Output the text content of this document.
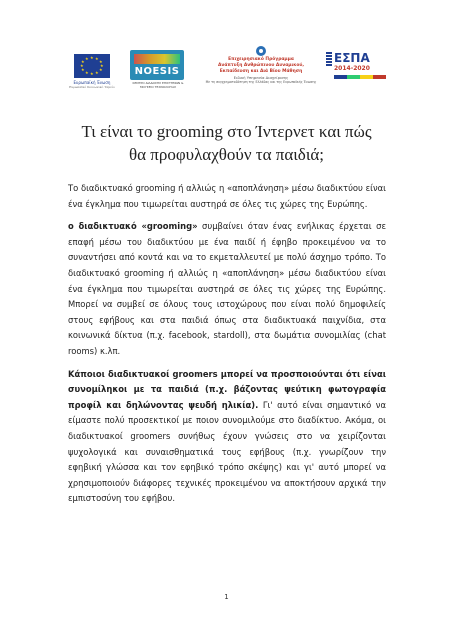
★ ★
★
★
★
★
★
★
★
★
★
★
Ευρωπαϊκή Ένωση
Ευρωπαϊκό Κοινωνικό Ταμείο
NOESIS
ΚΕΝΤΡΟ ΔΙΑΔΟΣΗΣ ΕΠΙΣΤΗΜΩΝ & ΜΟΥΣΕΙΟ ΤΕΧΝΟΛΟΓΙΑΣ
Επιχειρησιακό Πρόγραμμα
Ανάπτυξη Ανθρώπινου Δυναμικού,
Εκπαίδευση και Διά Βίου Μάθηση
Ειδική Υπηρεσία Διαχείρισης
Με τη συγχρηματοδότηση της Ελλάδας και της Ευρωπαϊκής Ένωσης
ΕΣΠΑ
2014-2020
Τι είναι το grooming στο Ίντερνετ και πώς
θα προφυλαχθούν τα παιδιά;

Το διαδικτυακό grooming ή αλλιώς η «αποπλάνηση» μέσω διαδικτύου είναι ένα έγκλημα που τιμωρείται αυστηρά σε όλες τις χώρες της Ευρώπης.

ο διαδικτυακό «grooming» συμβαίνει όταν ένας ενήλικας έρχεται σε επαφή μέσω του διαδικτύου με ένα παιδί ή έφηβο προκειμένου να το συναντήσει από κοντά και να το εκμεταλλευτεί με πολύ άσχημο τρόπο. Το διαδικτυακό grooming ή αλλιώς η «αποπλάνηση» μέσω διαδικτύου είναι ένα έγκλημα που τιμωρείται αυστηρά σε όλες τις χώρες της Ευρώπης. Μπορεί να συμβεί σε όλους τους ιστοχώρους που είναι πολύ δημοφιλείς στους εφήβους και στα παιδιά όπως στα διαδικτυακά παιχνίδια, στα κοινωνικά δίκτυα (π.χ. facebook, stardoll), στα δωμάτια συνομιλίας (chat rooms) κ.λπ.

Κάποιοι διαδικτυακοί groomers μπορεί να προσποιούνται ότι είναι συνομίληκοι με τα παιδιά (π.χ. βάζοντας ψεύτικη φωτογραφία προφίλ και δηλώνοντας ψευδή ηλικία). Γι' αυτό είναι σημαντικό να είμαστε πολύ προσεκτικοί με ποιον συνομιλούμε στο διαδίκτυο. Ακόμα, οι διαδικτυακοί groomers συνήθως έχουν γνώσεις στο να χειρίζονται ψυχολογικά και συναισθηματικά τους εφήβους (π.χ. γνωρίζουν την εφηβική γλώσσα και τον εφηβικό τρόπο σκέψης) και γι' αυτό μπορεί να χρησιμοποιούν διάφορες τεχνικές προκειμένου να αποκτήσουν αρχικά την εμπιστοσύνη του εφήβου.

1
